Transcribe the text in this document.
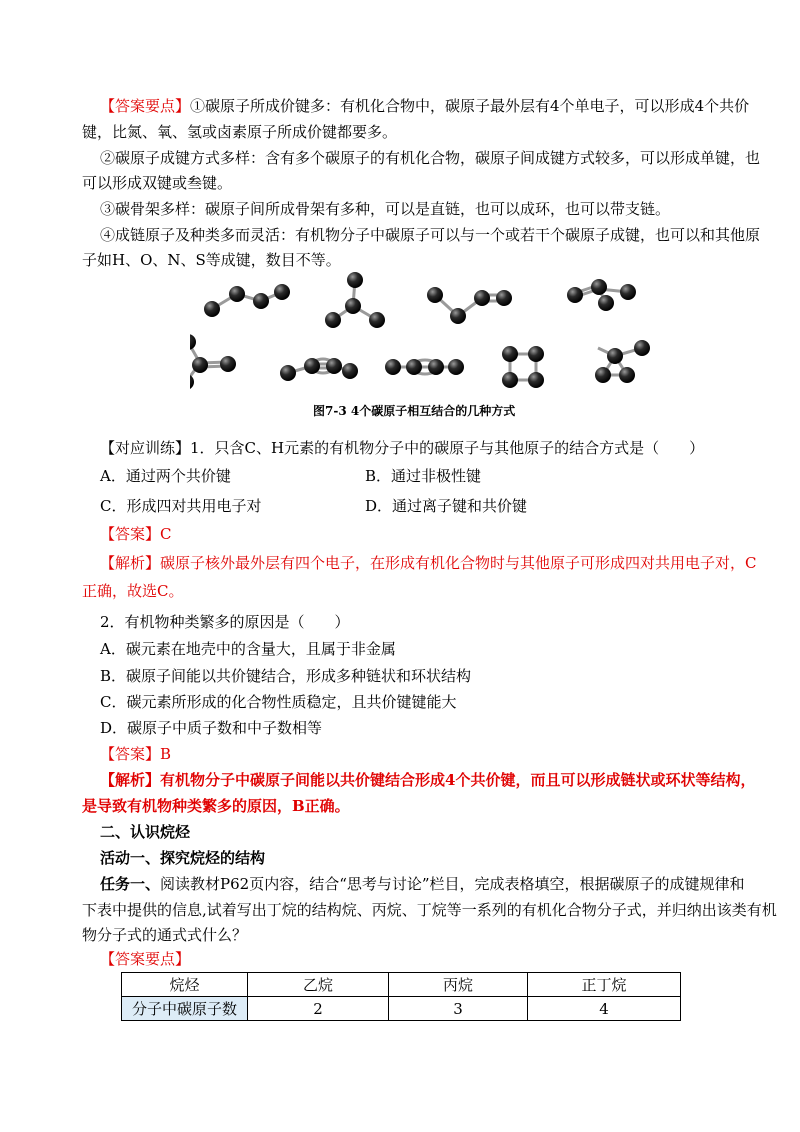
【答案要点】①碳原子所成价键多：有机化合物中，碳原子最外层有4个单电子，可以形成4个共价
键，比氮、氧、氢或卤素原子所成价键都要多。
②碳原子成键方式多样：含有多个碳原子的有机化合物，碳原子间成键方式较多，可以形成单键，也
可以形成双键或叁键。
③碳骨架多样：碳原子间所成骨架有多种，可以是直链，也可以成环，也可以带支链。
④成链原子及种类多而灵活：有机物分子中碳原子可以与一个或若干个碳原子成键，也可以和其他原
子如H、O、N、S等成键，数目不等。
图7-3 4个碳原子相互结合的几种方式
【对应训练】1．只含C、H元素的有机物分子中的碳原子与其他原子的结合方式是（　　）
A．通过两个共价键	B．通过非极性键
C．形成四对共用电子对	D．通过离子键和共价键
【答案】C
【解析】碳原子核外最外层有四个电子，在形成有机化合物时与其他原子可形成四对共用电子对，C
正确，故选C。
2．有机物种类繁多的原因是（　　）
A．碳元素在地壳中的含量大，且属于非金属
B．碳原子间能以共价键结合，形成多种链状和环状结构
C．碳元素所形成的化合物性质稳定，且共价键键能大
D．碳原子中质子数和中子数相等
【答案】B
【解析】有机物分子中碳原子间能以共价键结合形成4个共价键，而且可以形成链状或环状等结构，
是导致有机物种类繁多的原因，B正确。
二、认识烷烃
活动一、探究烷烃的结构
任务一、阅读教材P62页内容，结合“思考与讨论”栏目，完成表格填空，根据碳原子的成键规律和
下表中提供的信息,试着写出丁烷的结构烷、丙烷、丁烷等一系列的有机化合物分子式，并归纳出该类有机
物分子式的通式式什么？
【答案要点】
烷烃	乙烷	丙烷	正丁烷
分子中碳原子数	2	3	4
